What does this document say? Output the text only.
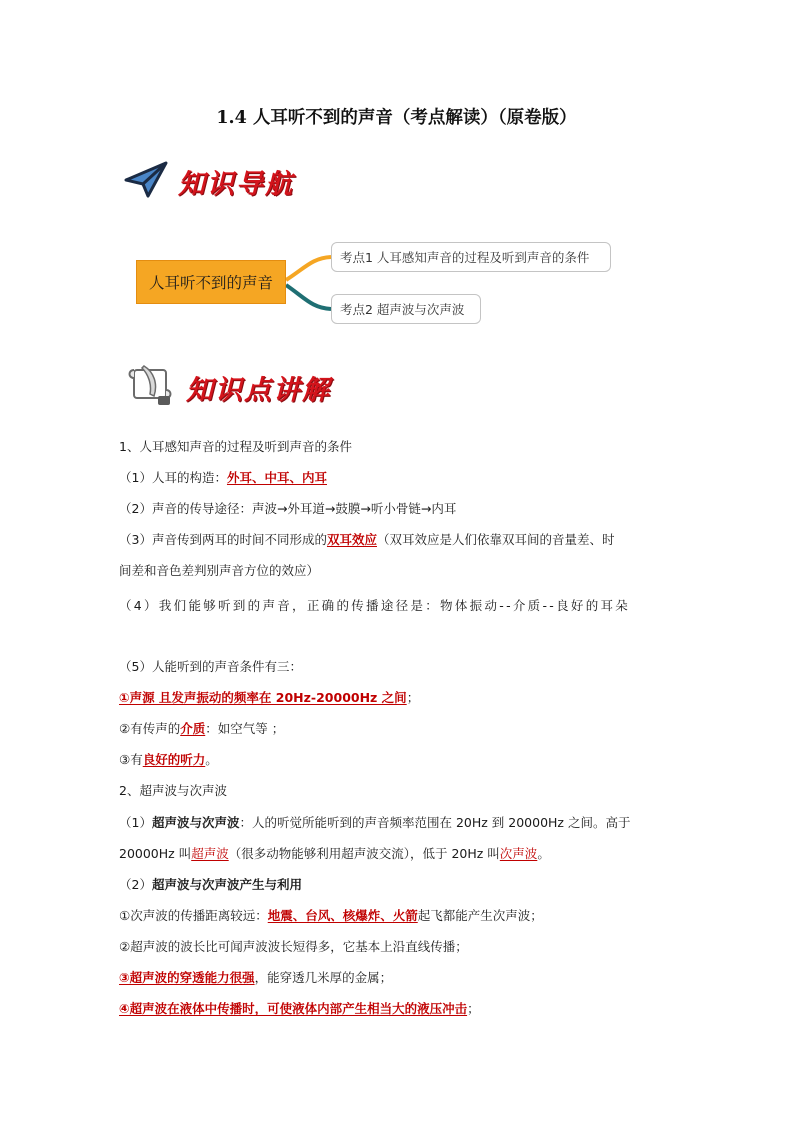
1.4 人耳听不到的声音（考点解读）（原卷版）
知识导航
人耳听不到的声音
考点1 人耳感知声音的过程及听到声音的条件
考点2 超声波与次声波
知识点讲解
1、人耳感知声音的过程及听到声音的条件
（1）人耳的构造：外耳、中耳、内耳
（2）声音的传导途径：声波→外耳道→鼓膜→听小骨链→内耳
（3）声音传到两耳的时间不同形成的双耳效应（双耳效应是人们依靠双耳间的音量差、时
间差和音色差判别声音方位的效应）
（4）我们能够听到的声音，正确的传播途径是：物体振动--介质--良好的耳朵
（5）人能听到的声音条件有三：
①声源 且发声振动的频率在 20Hz-20000Hz 之间；
②有传声的介质：如空气等 ；
③有良好的听力。
2、超声波与次声波
（1）超声波与次声波：人的听觉所能听到的声音频率范围在 20Hz 到 20000Hz 之间。高于
20000Hz 叫超声波（很多动物能够利用超声波交流），低于 20Hz 叫次声波。
（2）超声波与次声波产生与利用
①次声波的传播距离较远：地震、台风、核爆炸、火箭起飞都能产生次声波；
②超声波的波长比可闻声波波长短得多，它基本上沿直线传播；
③超声波的穿透能力很强，能穿透几米厚的金属；
④超声波在液体中传播时，可使液体内部产生相当大的液压冲击；
